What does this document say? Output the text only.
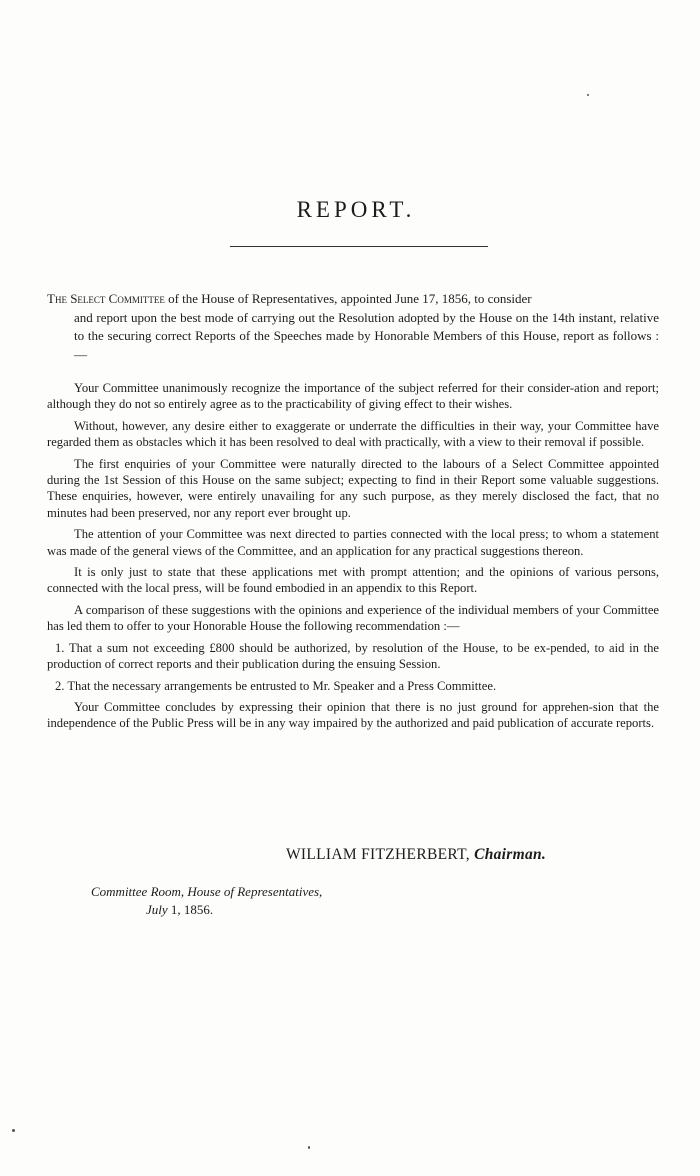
REPORT.
The Select Committee of the House of Representatives, appointed June 17, 1856, to consider
and report upon the best mode of carrying out the Resolution adopted by the House on the 14th instant, relative to the securing correct Reports of the Speeches made by Honorable Members of this House, report as follows :—

Your Committee unanimously recognize the importance of the subject referred for their consider-ation and report; although they do not so entirely agree as to the practicability of giving effect to their wishes.

Without, however, any desire either to exaggerate or underrate the difficulties in their way, your Committee have regarded them as obstacles which it has been resolved to deal with practically, with a view to their removal if possible.

The first enquiries of your Committee were naturally directed to the labours of a Select Committee appointed during the 1st Session of this House on the same subject; expecting to find in their Report some valuable suggestions. These enquiries, however, were entirely unavailing for any such purpose, as they merely disclosed the fact, that no minutes had been preserved, nor any report ever brought up.

The attention of your Committee was next directed to parties connected with the local press; to whom a statement was made of the general views of the Committee, and an application for any practical suggestions thereon.

It is only just to state that these applications met with prompt attention; and the opinions of various persons, connected with the local press, will be found embodied in an appendix to this Report.

A comparison of these suggestions with the opinions and experience of the individual members of your Committee has led them to offer to your Honorable House the following recommendation :—

1. That a sum not exceeding £800 should be authorized, by resolution of the House, to be ex-pended, to aid in the production of correct reports and their publication during the ensuing Session.

2. That the necessary arrangements be entrusted to Mr. Speaker and a Press Committee.

Your Committee concludes by expressing their opinion that there is no just ground for apprehen-sion that the independence of the Public Press will be in any way impaired by the authorized and paid publication of accurate reports.

WILLIAM FITZHERBERT, Chairman.
Committee Room, House of Representatives,
July 1, 1856.
